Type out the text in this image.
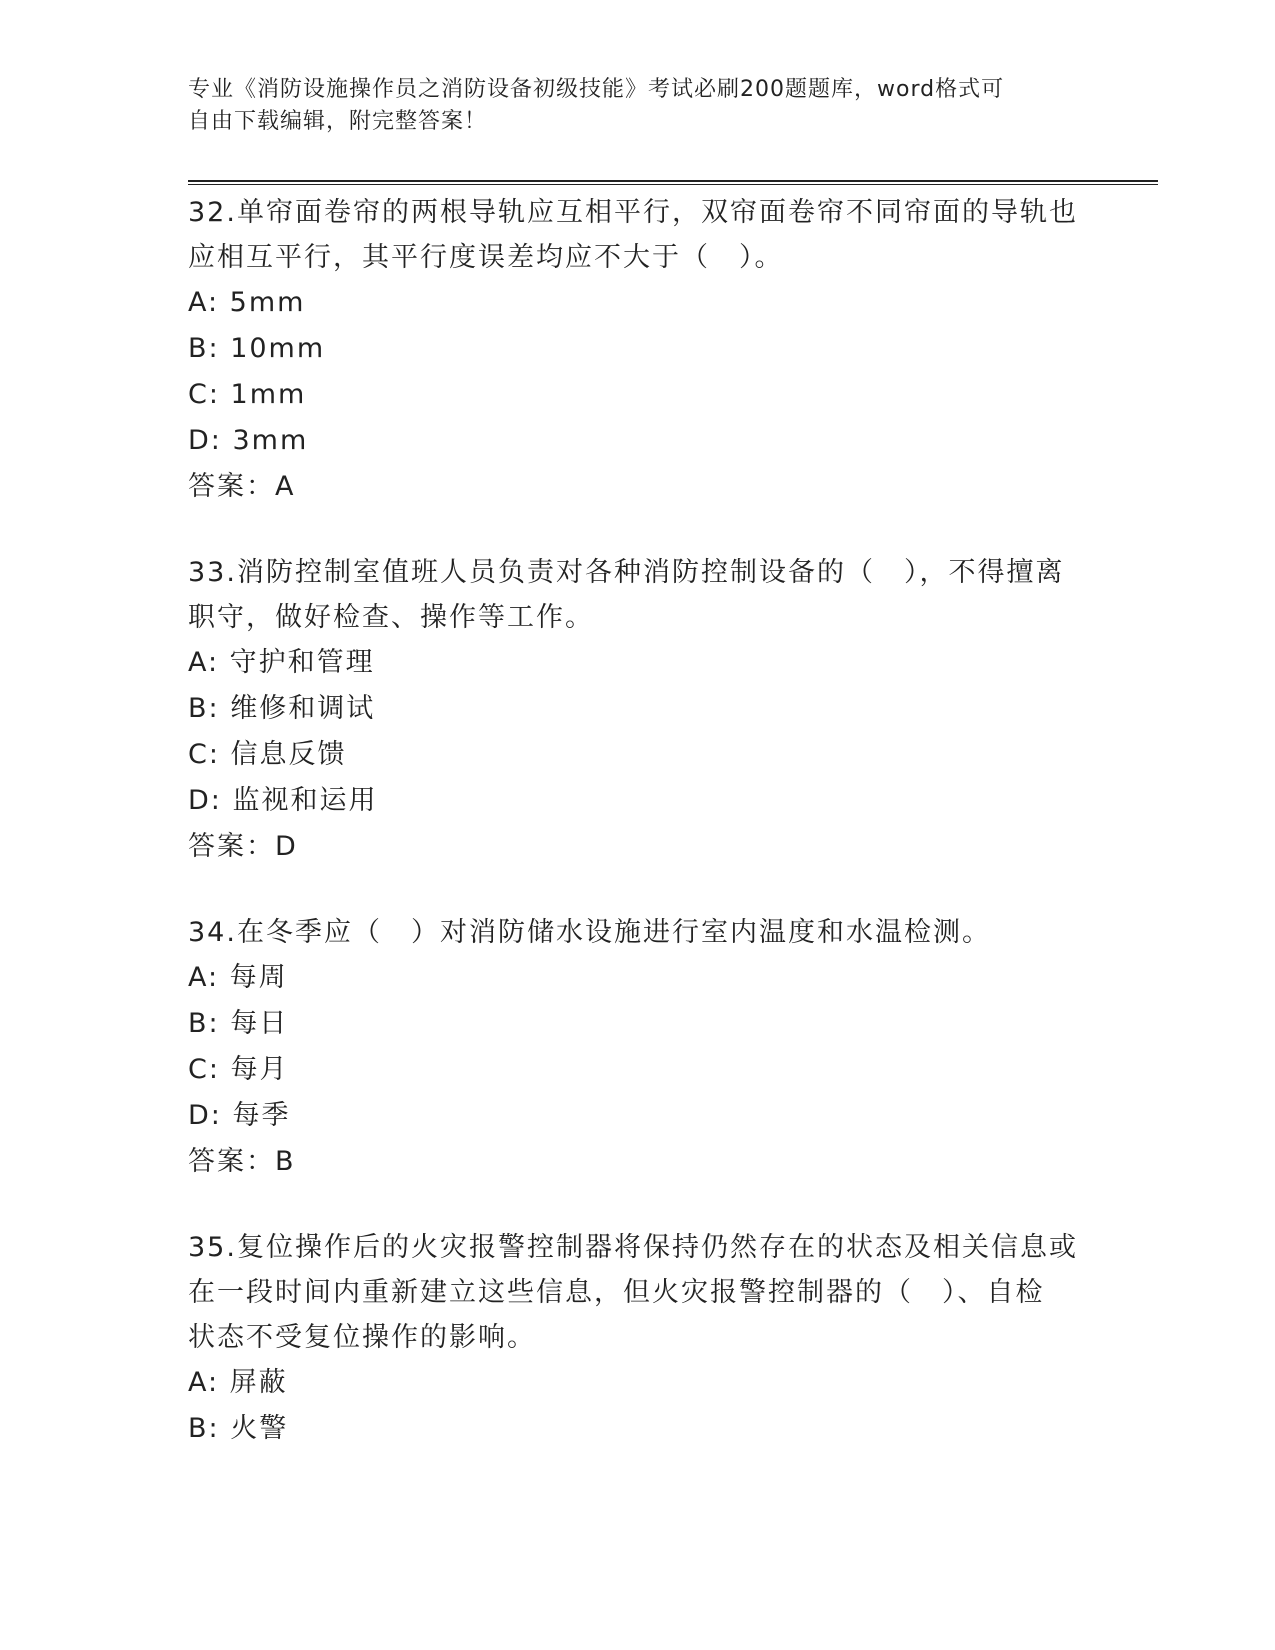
专业《消防设施操作员之消防设备初级技能》考试必刷200题题库，word格式可
自由下载编辑，附完整答案！
32.单帘面卷帘的两根导轨应互相平行，双帘面卷帘不同帘面的导轨也
应相互平行，其平行度误差均应不大于（　）。
A: 5mm
B: 10mm
C: 1mm
D: 3mm
答案：A
33.消防控制室值班人员负责对各种消防控制设备的（　），不得擅离
职守，做好检查、操作等工作。
A: 守护和管理
B: 维修和调试
C: 信息反馈
D: 监视和运用
答案：D
34.在冬季应（　）对消防储水设施进行室内温度和水温检测。
A: 每周
B: 每日
C: 每月
D: 每季
答案：B
35.复位操作后的火灾报警控制器将保持仍然存在的状态及相关信息或
在一段时间内重新建立这些信息，但火灾报警控制器的（　）、自检
状态不受复位操作的影响。
A: 屏蔽
B: 火警
